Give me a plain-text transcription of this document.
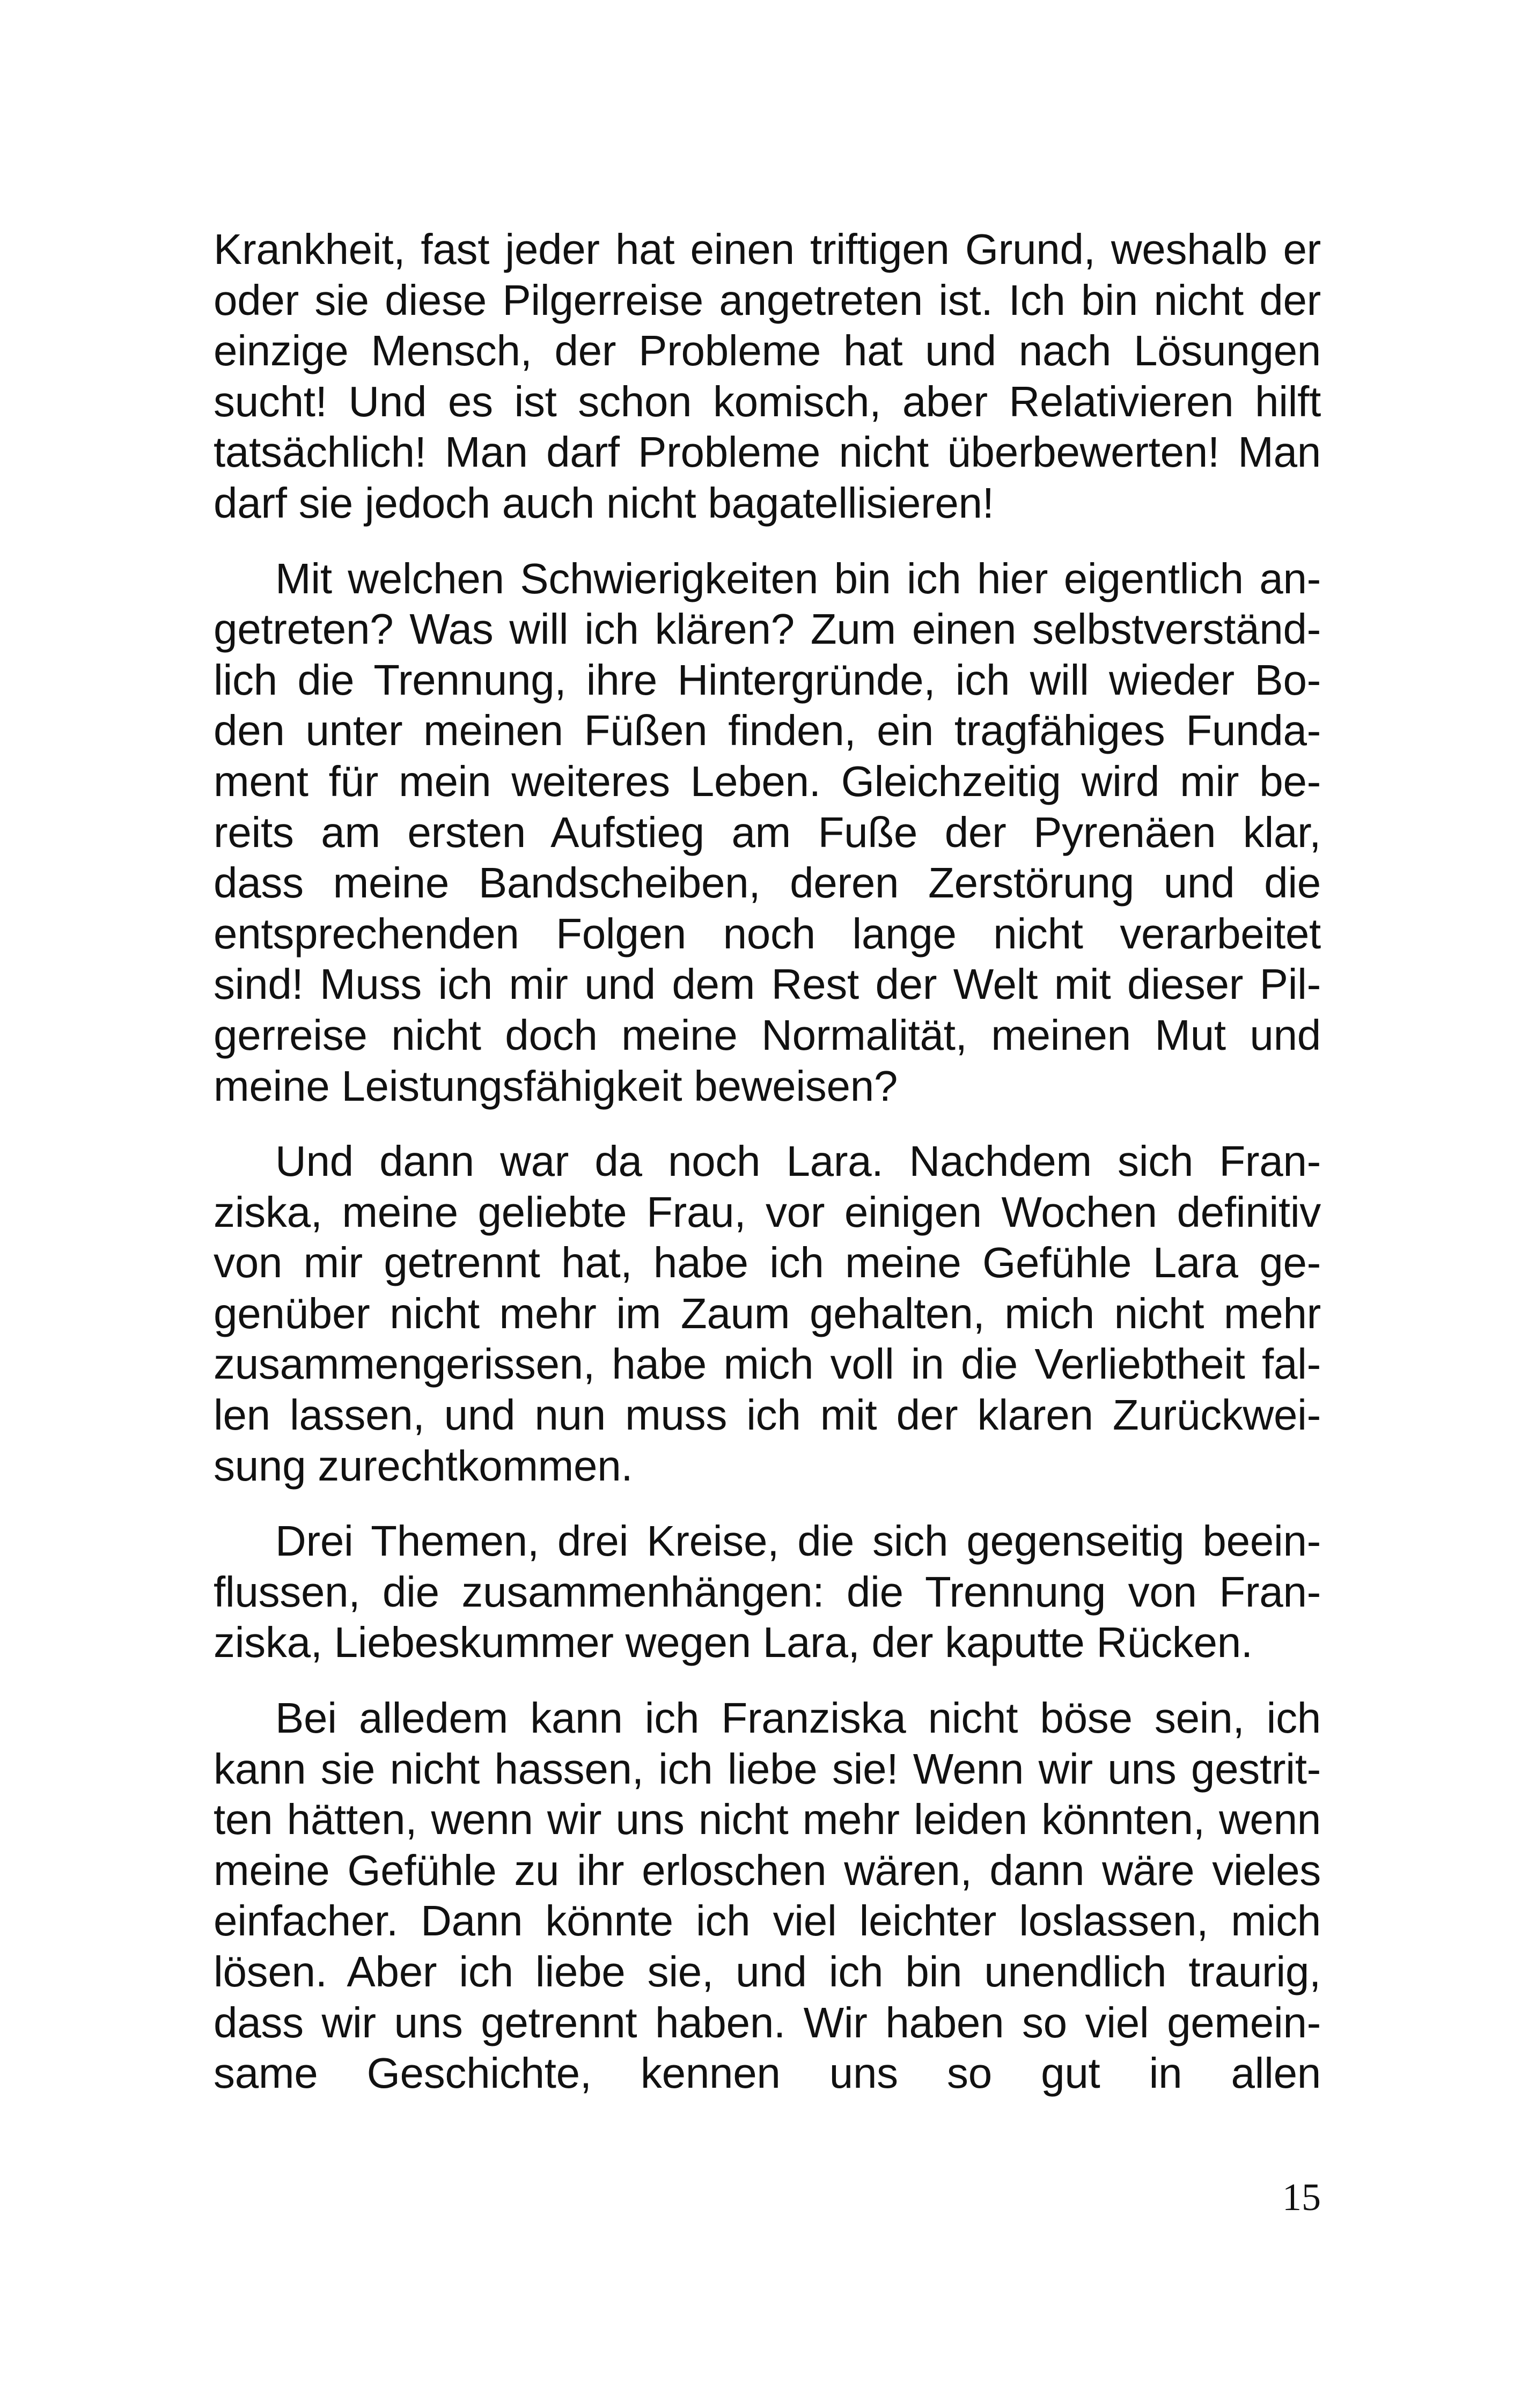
Krankheit, fast jeder hat einen triftigen Grund, weshalb er
oder sie diese Pilgerreise angetreten ist. Ich bin nicht der
einzige Mensch, der Probleme hat und nach Lösungen
sucht! Und es ist schon komisch, aber Relativieren hilft
tatsächlich! Man darf Probleme nicht überbewerten! Man
darf sie jedoch auch nicht bagatellisieren!
Mit welchen Schwierigkeiten bin ich hier eigentlich an-
getreten? Was will ich klären? Zum einen selbstverständ-
lich die Trennung, ihre Hintergründe, ich will wieder Bo-
den unter meinen Füßen finden, ein tragfähiges Funda-
ment für mein weiteres Leben. Gleichzeitig wird mir be-
reits am ersten Aufstieg am Fuße der Pyrenäen klar,
dass meine Bandscheiben, deren Zerstörung und die
entsprechenden Folgen noch lange nicht verarbeitet
sind! Muss ich mir und dem Rest der Welt mit dieser Pil-
gerreise nicht doch meine Normalität, meinen Mut und
meine Leistungsfähigkeit beweisen?
Und dann war da noch Lara. Nachdem sich Fran-
ziska, meine geliebte Frau, vor einigen Wochen definitiv
von mir getrennt hat, habe ich meine Gefühle Lara ge-
genüber nicht mehr im Zaum gehalten, mich nicht mehr
zusammengerissen, habe mich voll in die Verliebtheit fal-
len lassen, und nun muss ich mit der klaren Zurückwei-
sung zurechtkommen.
Drei Themen, drei Kreise, die sich gegenseitig beein-
flussen, die zusammenhängen: die Trennung von Fran-
ziska, Liebeskummer wegen Lara, der kaputte Rücken.
Bei alledem kann ich Franziska nicht böse sein, ich
kann sie nicht hassen, ich liebe sie! Wenn wir uns gestrit-
ten hätten, wenn wir uns nicht mehr leiden könnten, wenn
meine Gefühle zu ihr erloschen wären, dann wäre vieles
einfacher. Dann könnte ich viel leichter loslassen, mich
lösen. Aber ich liebe sie, und ich bin unendlich traurig,
dass wir uns getrennt haben. Wir haben so viel gemein-
same Geschichte, kennen uns so gut in allen
15
